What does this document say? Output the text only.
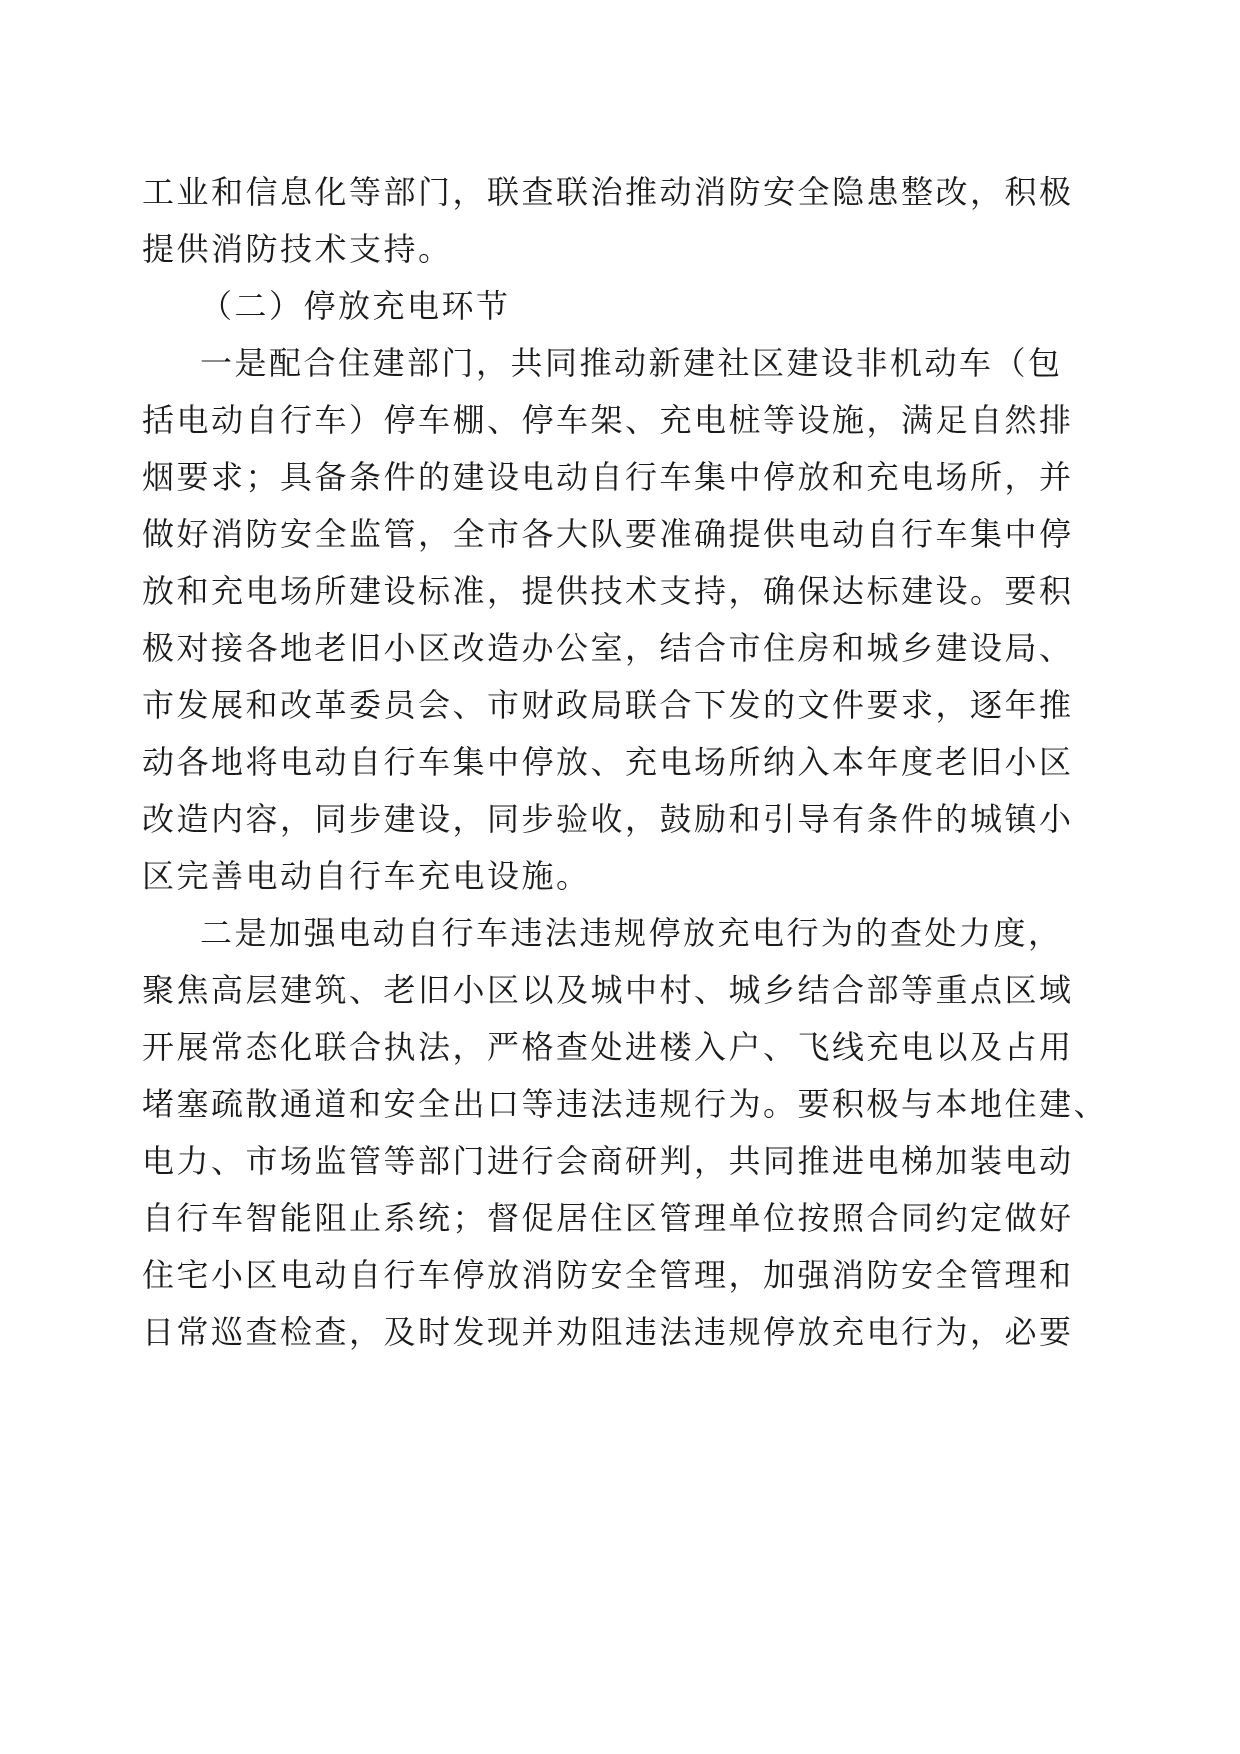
工业和信息化等部门，联查联治推动消防安全隐患整改，积极
提供消防技术支持。
（二）停放充电环节
一是配合住建部门，共同推动新建社区建设非机动车（包
括电动自行车）停车棚、停车架、充电桩等设施，满足自然排
烟要求；具备条件的建设电动自行车集中停放和充电场所，并
做好消防安全监管，全市各大队要准确提供电动自行车集中停
放和充电场所建设标准，提供技术支持，确保达标建设。要积
极对接各地老旧小区改造办公室，结合市住房和城乡建设局、
市发展和改革委员会、市财政局联合下发的文件要求，逐年推
动各地将电动自行车集中停放、充电场所纳入本年度老旧小区
改造内容，同步建设，同步验收，鼓励和引导有条件的城镇小
区完善电动自行车充电设施。
二是加强电动自行车违法违规停放充电行为的查处力度，
聚焦高层建筑、老旧小区以及城中村、城乡结合部等重点区域
开展常态化联合执法，严格查处进楼入户、飞线充电以及占用
堵塞疏散通道和安全出口等违法违规行为。要积极与本地住建、
电力、市场监管等部门进行会商研判，共同推进电梯加装电动
自行车智能阻止系统；督促居住区管理单位按照合同约定做好
住宅小区电动自行车停放消防安全管理，加强消防安全管理和
日常巡查检查，及时发现并劝阻违法违规停放充电行为，必要
